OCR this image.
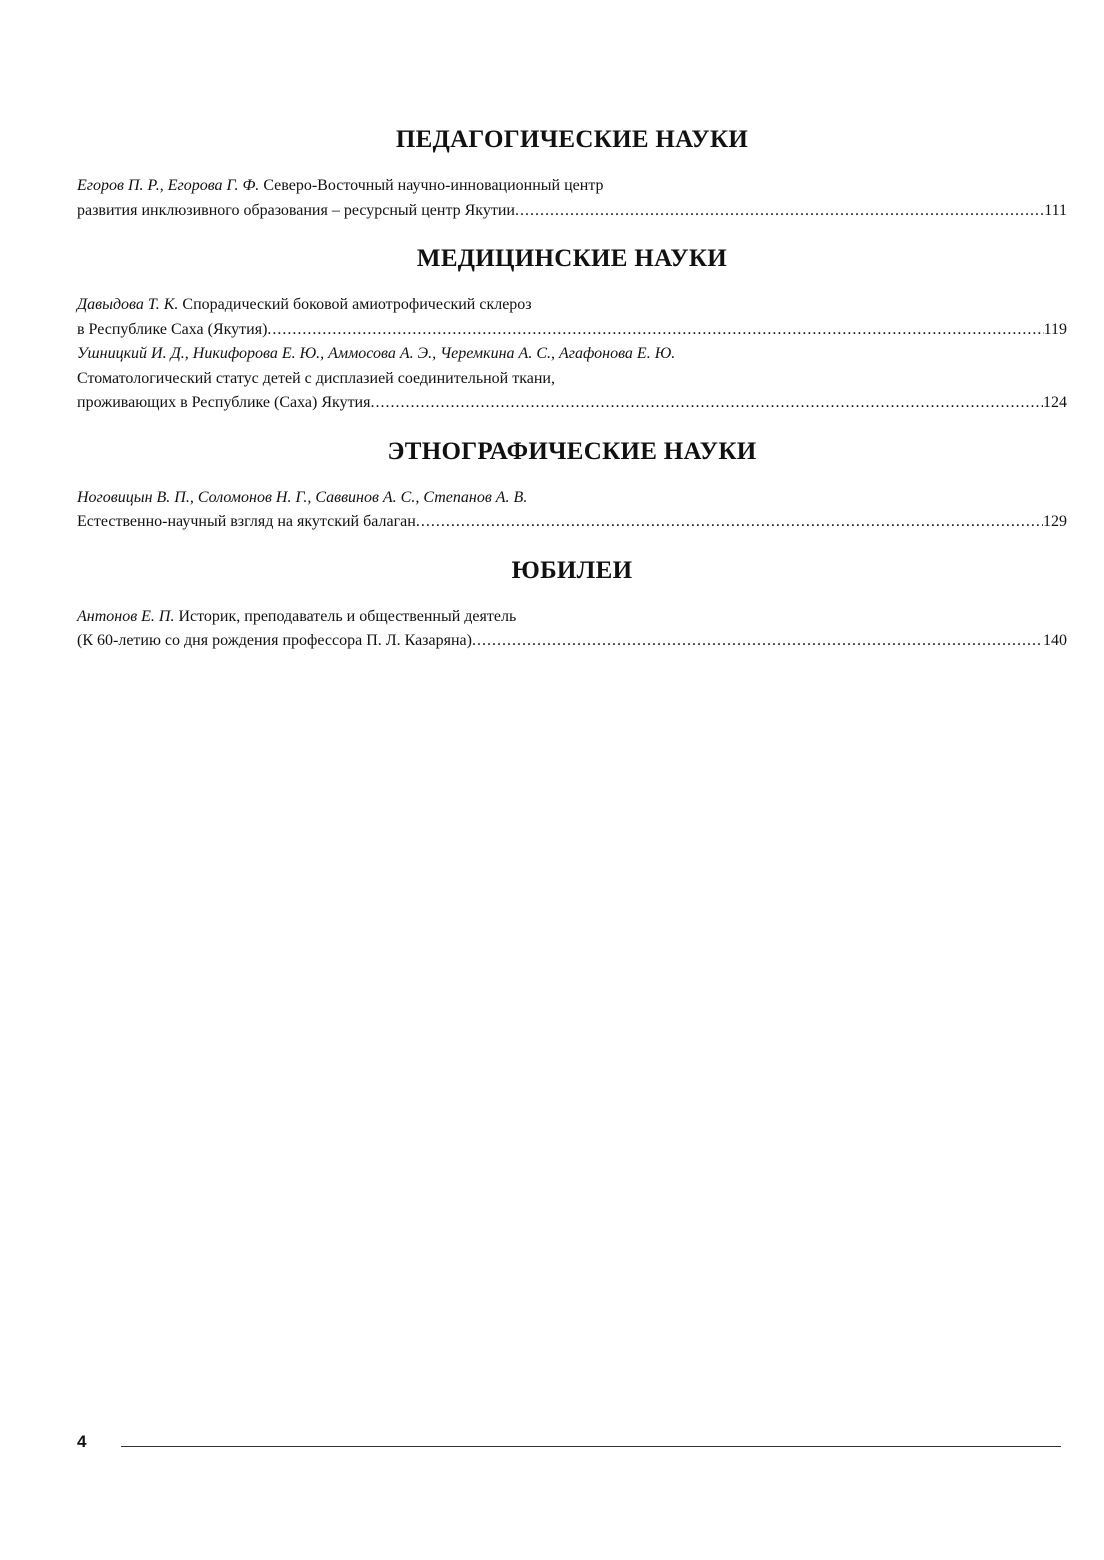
ПЕДАГОГИЧЕСКИЕ НАУКИ
Егоров П. Р., Егорова Г. Ф. Северо-Восточный научно-инновационный центр
развития инклюзивного образования – ресурсный центр Якутии .....	111
МЕДИЦИНСКИЕ НАУКИ
Давыдова Т. К. Спорадический боковой амиотрофический склероз
в Республике Саха (Якутия) .....	119
Ушницкий И. Д., Никифорова Е. Ю., Аммосова А. Э., Черемкина А. С., Агафонова Е. Ю.
Стоматологический статус детей с дисплазией соединительной ткани,
проживающих в Республике (Саха) Якутия .....	124
ЭТНОГРАФИЧЕСКИЕ НАУКИ
Ноговицын В. П., Соломонов Н. Г., Саввинов А. С., Степанов А. В.
Естественно-научный взгляд на якутский балаган .....	129
ЮБИЛЕИ
Антонов Е. П. Историк, преподаватель и общественный деятель
(К 60-летию со дня рождения профессора П. Л. Казаряна) .....	140
4
